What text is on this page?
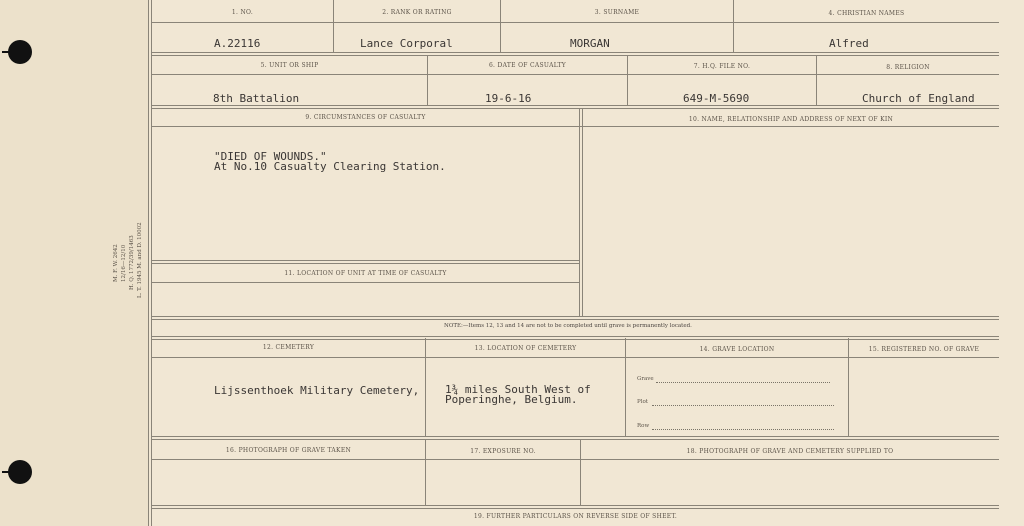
M. F. W. 2642 12/16—12/10 H. Q. 1772/39/1463 L. T. 1945 M. and D. 10002
1. NO.	2. RANK OR RATING	3. SURNAME	4. CHRISTIAN NAMES
A.22116	Lance Corporal	MORGAN	Alfred
5. UNIT OR SHIP	6. DATE OF CASUALTY	7. H.Q. FILE NO.	8. RELIGION
8th Battalion	19-6-16	649-M-5690	Church of England
9. CIRCUMSTANCES OF CASUALTY	10. NAME, RELATIONSHIP AND ADDRESS OF NEXT OF KIN
"DIED OF WOUNDS."
At No.10 Casualty Clearing Station.
11. LOCATION OF UNIT AT TIME OF CASUALTY
NOTE:—Items 12, 13 and 14 are not to be completed until grave is permanently located.
12. CEMETERY	13. LOCATION OF CEMETERY	14. GRAVE LOCATION	15. REGISTERED NO. OF GRAVE
Lijssenthoek Military Cemetery, 1¾ miles South West of
Poperinghe, Belgium.
Grave
Plot
Row
16. PHOTOGRAPH OF GRAVE TAKEN	17. EXPOSURE NO.	18. PHOTOGRAPH OF GRAVE AND CEMETERY SUPPLIED TO
19. FURTHER PARTICULARS ON REVERSE SIDE OF SHEET.
